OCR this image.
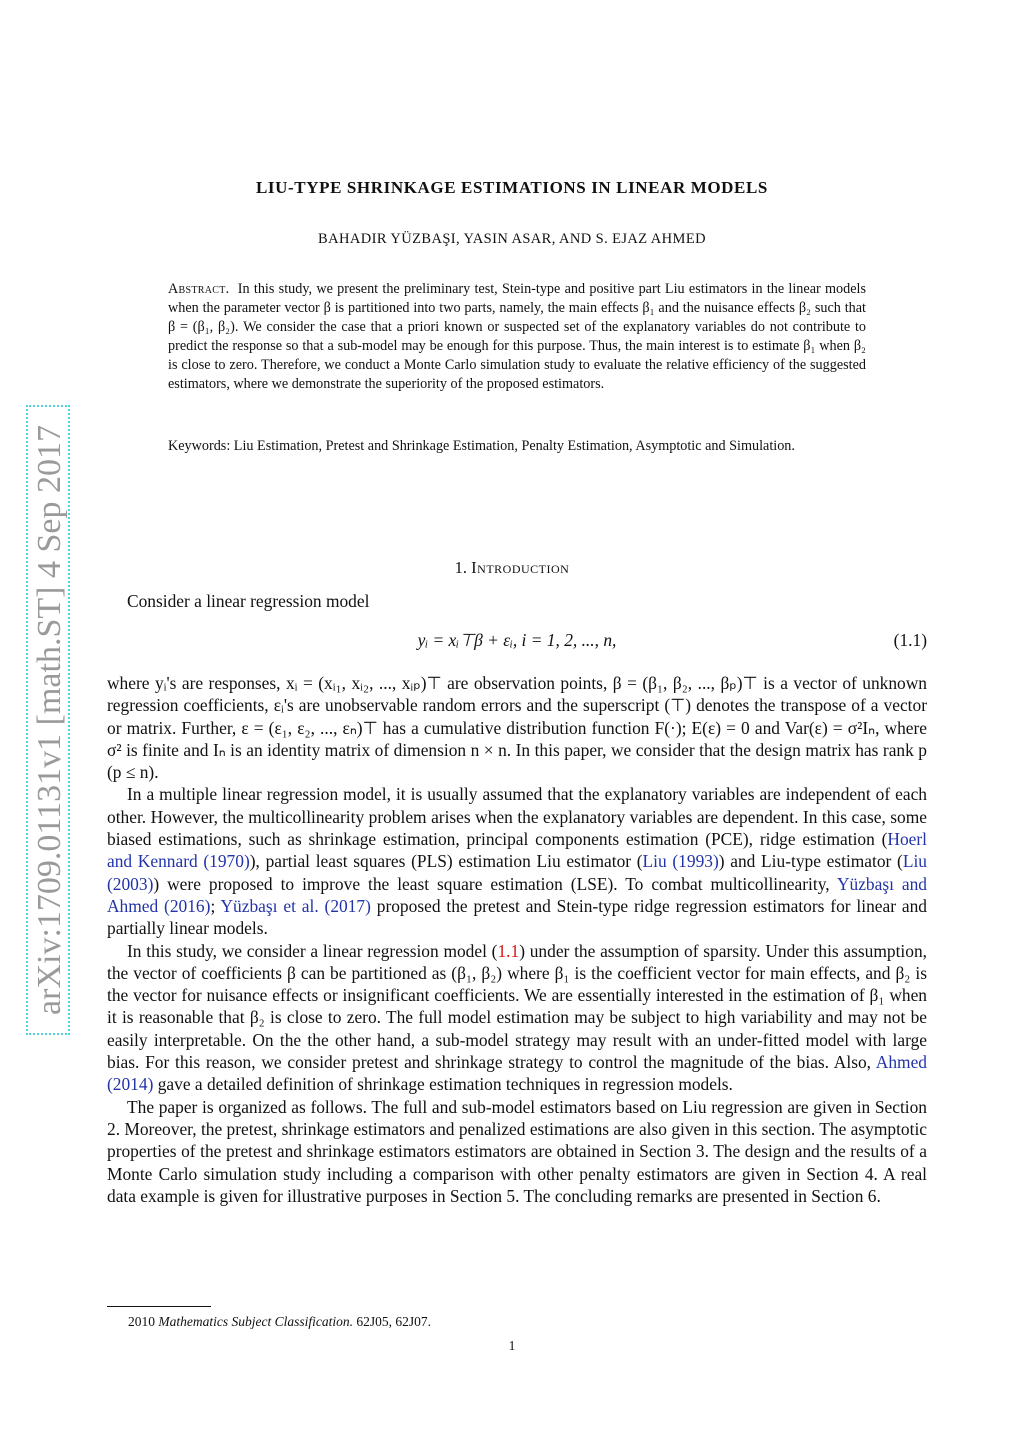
arXiv:1709.01131v1 [math.ST] 4 Sep 2017
LIU-TYPE SHRINKAGE ESTIMATIONS IN LINEAR MODELS
BAHADIR YÜZBAŞI, YASIN ASAR, AND S. EJAZ AHMED
Abstract. In this study, we present the preliminary test, Stein-type and positive part Liu estimators in the linear models when the parameter vector β is partitioned into two parts, namely, the main effects β₁ and the nuisance effects β₂ such that β = (β₁, β₂). We consider the case that a priori known or suspected set of the explanatory variables do not contribute to predict the response so that a sub-model may be enough for this purpose. Thus, the main interest is to estimate β₁ when β₂ is close to zero. Therefore, we conduct a Monte Carlo simulation study to evaluate the relative efficiency of the suggested estimators, where we demonstrate the superiority of the proposed estimators.
Keywords: Liu Estimation, Pretest and Shrinkage Estimation, Penalty Estimation, Asymptotic and Simulation.
1. Introduction

Consider a linear regression model

yᵢ = xᵢ⊤β + εᵢ, i = 1, 2, ..., n,	(1.1)

where yᵢ's are responses, xᵢ = (xᵢ₁, xᵢ₂, ..., xᵢₚ)⊤ are observation points, β = (β₁, β₂, ..., βₚ)⊤ is a vector of unknown regression coefficients, εᵢ's are unobservable random errors and the superscript (⊤) denotes the transpose of a vector or matrix. Further, ε = (ε₁, ε₂, ..., εₙ)⊤ has a cumulative distribution function F(·); E(ε) = 0 and Var(ε) = σ²Iₙ, where σ² is finite and Iₙ is an identity matrix of dimension n × n. In this paper, we consider that the design matrix has rank p (p ≤ n).

In a multiple linear regression model, it is usually assumed that the explanatory variables are independent of each other. However, the multicollinearity problem arises when the explanatory variables are dependent. In this case, some biased estimations, such as shrinkage estimation, principal components estimation (PCE), ridge estimation (Hoerl and Kennard (1970)), partial least squares (PLS) estimation Liu estimator (Liu (1993)) and Liu-type estimator (Liu (2003)) were proposed to improve the least square estimation (LSE). To combat multicollinearity, Yüzbaşı and Ahmed (2016); Yüzbaşı et al. (2017) proposed the pretest and Stein-type ridge regression estimators for linear and partially linear models.

In this study, we consider a linear regression model (1.1) under the assumption of sparsity. Under this assumption, the vector of coefficients β can be partitioned as (β₁, β₂) where β₁ is the coefficient vector for main effects, and β₂ is the vector for nuisance effects or insignificant coefficients. We are essentially interested in the estimation of β₁ when it is reasonable that β₂ is close to zero. The full model estimation may be subject to high variability and may not be easily interpretable. On the the other hand, a sub-model strategy may result with an under-fitted model with large bias. For this reason, we consider pretest and shrinkage strategy to control the magnitude of the bias. Also, Ahmed (2014) gave a detailed definition of shrinkage estimation techniques in regression models.

The paper is organized as follows. The full and sub-model estimators based on Liu regression are given in Section 2. Moreover, the pretest, shrinkage estimators and penalized estimations are also given in this section. The asymptotic properties of the pretest and shrinkage estimators estimators are obtained in Section 3. The design and the results of a Monte Carlo simulation study including a comparison with other penalty estimators are given in Section 4. A real data example is given for illustrative purposes in Section 5. The concluding remarks are presented in Section 6.

2010 Mathematics Subject Classification. 62J05, 62J07.
1
